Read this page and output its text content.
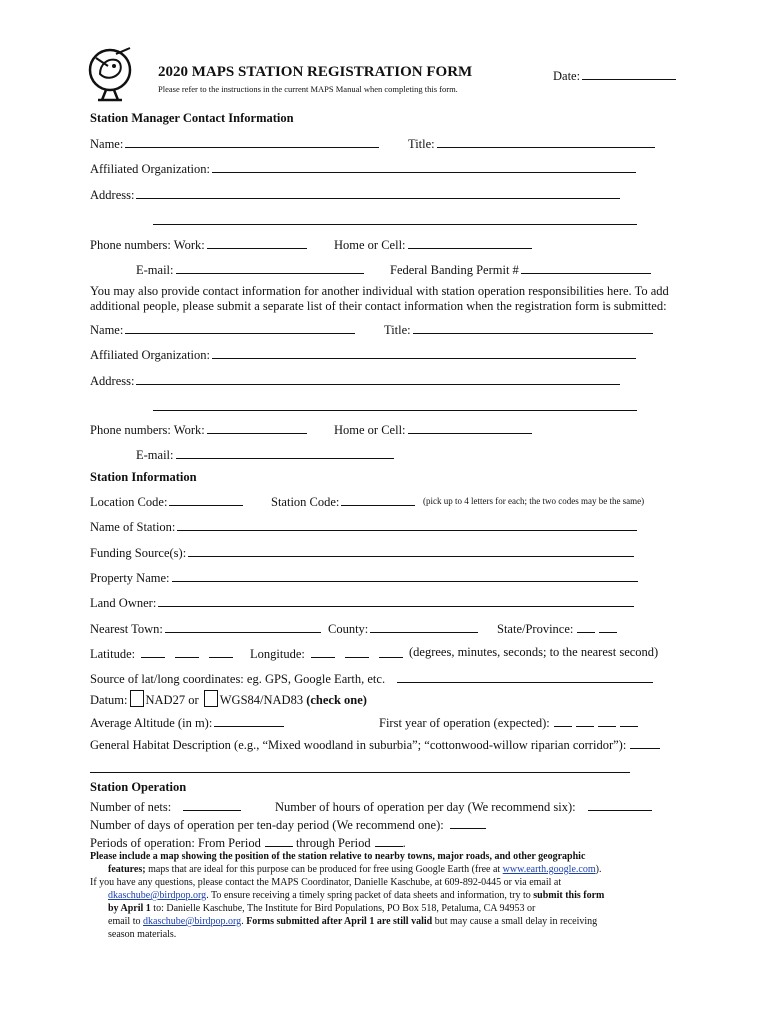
2020 MAPS STATION REGISTRATION FORM	Date:
Please refer to the instructions in the current MAPS Manual when completing this form.
Station Manager Contact Information
Name:	Title:
Affiliated Organization:
Address:
Phone numbers: Work:	Home or Cell:
E-mail:	Federal Banding Permit #
You may also provide contact information for another individual with station operation responsibilities here. To add
additional people, please submit a separate list of their contact information when the registration form is submitted:
Name:	Title:
Affiliated Organization:
Address:
Phone numbers: Work:	Home or Cell:
E-mail:
Station Information
Location Code:	Station Code:	(pick up to 4 letters for each; the two codes may be the same)
Name of Station:
Funding Source(s):
Property Name:
Land Owner:
Nearest Town:	County:	State/Province:
Latitude:	Longitude:	(degrees, minutes, seconds; to the nearest second)
Source of lat/long coordinates: eg. GPS, Google Earth, etc.
Datum: NAD27 or WGS84/NAD83 (check one)
Average Altitude (in m):	First year of operation (expected):
General Habitat Description (e.g., “Mixed woodland in suburbia”; “cottonwood-willow riparian corridor”):
Station Operation
Number of nets:	Number of hours of operation per day (We recommend six):
Number of days of operation per ten-day period (We recommend one):
Periods of operation: From Period	through Period	.
Please include a map showing the position of the station relative to nearby towns, major roads, and other geographic
features; maps that are ideal for this purpose can be produced for free using Google Earth (free at www.earth.google.com).
If you have any questions, please contact the MAPS Coordinator, Danielle Kaschube, at 609-892-0445 or via email at
dkaschube@birdpop.org. To ensure receiving a timely spring packet of data sheets and information, try to submit this form
by April 1 to: Danielle Kaschube, The Institute for Bird Populations, PO Box 518, Petaluma, CA 94953 or
email to dkaschube@birdpop.org. Forms submitted after April 1 are still valid but may cause a small delay in receiving
season materials.
